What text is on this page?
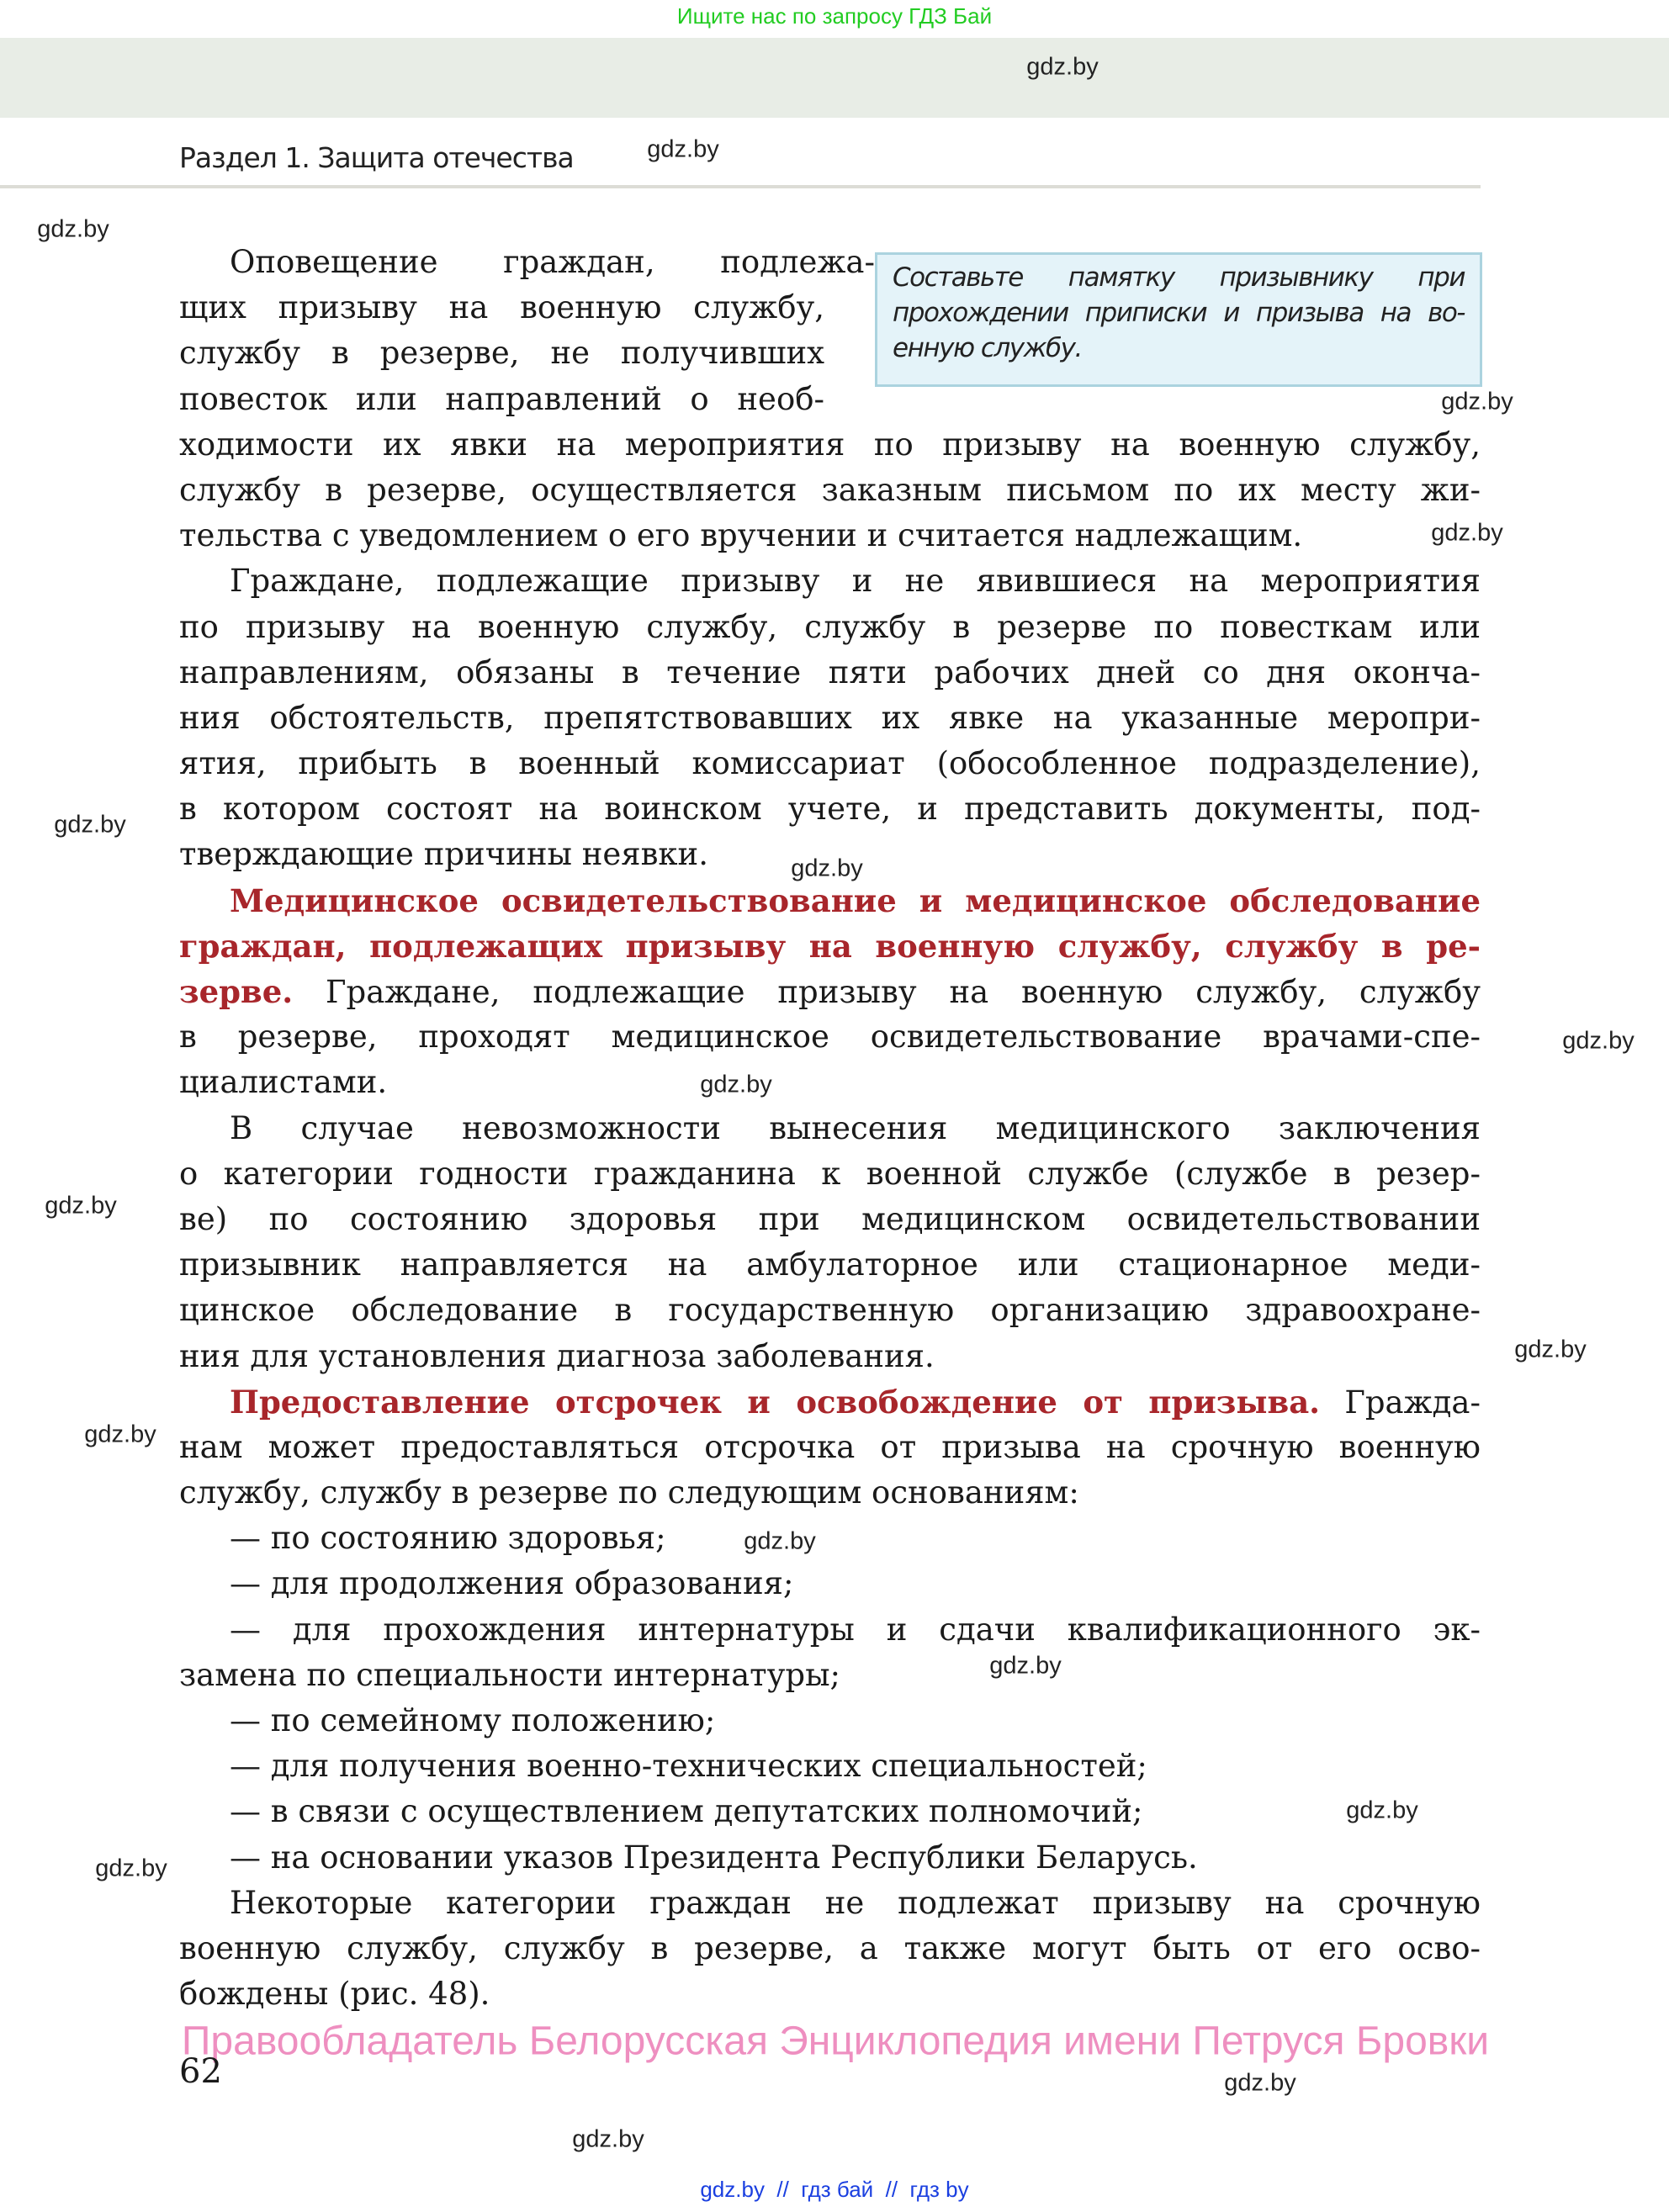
Ищите нас по запросу ГДЗ Бай
Раздел 1. Защита отечества
Составьте памятку призывнику при
прохождении приписки и призыва на во-
енную службу.
Оповещение граждан, подлежа-
щих призыву на военную службу,
службу в резерве, не получивших
повесток или направлений о необ-
ходимости их явки на мероприятия по призыву на военную службу,
службу в резерве, осуществляется заказным письмом по их месту жи-
тельства с уведомлением о его вручении и считается надлежащим.
Граждане, подлежащие призыву и не явившиеся на мероприятия
по призыву на военную службу, службу в резерве по повесткам или
направлениям, обязаны в течение пяти рабочих дней со дня оконча-
ния обстоятельств, препятствовавших их явке на указанные меропри-
ятия, прибыть в военный комиссариат (обособленное подразделение),
в котором состоят на воинском учете, и представить документы, под-
тверждающие причины неявки.
Медицинское освидетельствование и медицинское обследование
граждан, подлежащих призыву на военную службу, службу в ре-
зерве. Граждане, подлежащие призыву на военную службу, службу
в резерве, проходят медицинское освидетельствование врачами-спе-
циалистами.
В случае невозможности вынесения медицинского заключения
о категории годности гражданина к военной службе (службе в резер-
ве) по состоянию здоровья при медицинском освидетельствовании
призывник направляется на амбулаторное или стационарное меди-
цинское обследование в государственную организацию здравоохране-
ния для установления диагноза заболевания.
Предоставление отсрочек и освобождение от призыва. Гражда-
нам может предоставляться отсрочка от призыва на срочную военную
службу, службу в резерве по следующим основаниям:
— по состоянию здоровья;
— для продолжения образования;
— для прохождения интернатуры и сдачи квалификационного эк-
замена по специальности интернатуры;
— по семейному положению;
— для получения военно-технических специальностей;
— в связи с осуществлением депутатских полномочий;
— на основании указов Президента Республики Беларусь.
Некоторые категории граждан не подлежат призыву на срочную
военную службу, службу в резерве, а также могут быть от его осво-
бождены (рис. 48).
gdz.by
gdz.by
gdz.by
gdz.by
gdz.by
gdz.by
gdz.by
gdz.by
gdz.by
gdz.by
gdz.by
gdz.by
gdz.by
gdz.by
gdz.by
gdz.by
gdz.by
gdz.by
Правообладатель Белорусская Энциклопедия имени Петруся Бровки
62
gdz.by  //  гдз бай  //  гдз by
